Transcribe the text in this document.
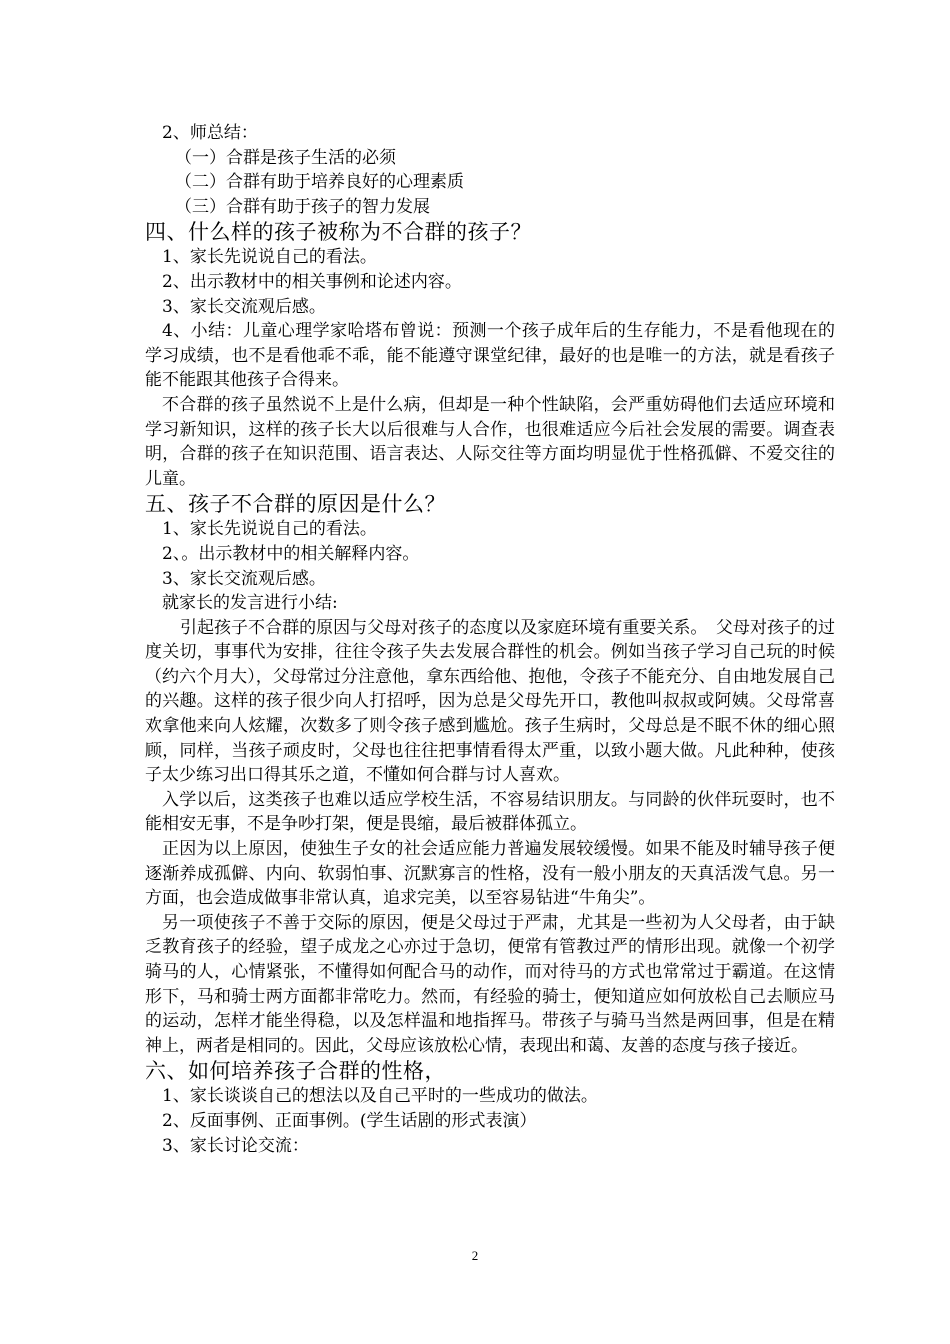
2、师总结：
（一）合群是孩子生活的必须
（二）合群有助于培养良好的心理素质
（三）合群有助于孩子的智力发展
四、什么样的孩子被称为不合群的孩子？
1、家长先说说自己的看法。
2、出示教材中的相关事例和论述内容。
3、家长交流观后感。
4、小结：儿童心理学家哈塔布曾说：预测一个孩子成年后的生存能力，不是看他现在的学习成绩，也不是看他乖不乖，能不能遵守课堂纪律，最好的也是唯一的方法，就是看孩子能不能跟其他孩子合得来。
不合群的孩子虽然说不上是什么病，但却是一种个性缺陷，会严重妨碍他们去适应环境和学习新知识，这样的孩子长大以后很难与人合作，也很难适应今后社会发展的需要。调查表明，合群的孩子在知识范围、语言表达、人际交往等方面均明显优于性格孤僻、不爱交往的儿童。
五、孩子不合群的原因是什么？
1、家长先说说自己的看法。
2、。出示教材中的相关解释内容。
3、家长交流观后感。
就家长的发言进行小结:
引起孩子不合群的原因与父母对孩子的态度以及家庭环境有重要关系。　父母对孩子的过度关切，事事代为安排，往往令孩子失去发展合群性的机会。例如当孩子学习自己玩的时候（约六个月大），父母常过分注意他，拿东西给他、抱他，令孩子不能充分、自由地发展自己的兴趣。这样的孩子很少向人打招呼，因为总是父母先开口，教他叫叔叔或阿姨。父母常喜欢拿他来向人炫耀，次数多了则令孩子感到尴尬。孩子生病时，父母总是不眠不休的细心照顾，同样，当孩子顽皮时，父母也往往把事情看得太严重，以致小题大做。凡此种种，使孩子太少练习出口得其乐之道，不懂如何合群与讨人喜欢。
入学以后，这类孩子也难以适应学校生活，不容易结识朋友。与同龄的伙伴玩耍时，也不能相安无事，不是争吵打架，便是畏缩，最后被群体孤立。
正因为以上原因，使独生子女的社会适应能力普遍发展较缓慢。如果不能及时辅导孩子便逐渐养成孤僻、内向、软弱怕事、沉默寡言的性格，没有一般小朋友的天真活泼气息。另一方面，也会造成做事非常认真，追求完美，以至容易钻进“牛角尖”。
另一项使孩子不善于交际的原因，便是父母过于严肃，尤其是一些初为人父母者，由于缺乏教育孩子的经验，望子成龙之心亦过于急切，便常有管教过严的情形出现。就像一个初学骑马的人，心情紧张，不懂得如何配合马的动作，而对待马的方式也常常过于霸道。在这情形下，马和骑士两方面都非常吃力。然而，有经验的骑士，便知道应如何放松自己去顺应马的运动，怎样才能坐得稳，以及怎样温和地指挥马。带孩子与骑马当然是两回事，但是在精神上，两者是相同的。因此，父母应该放松心情，表现出和蔼、友善的态度与孩子接近。
六、如何培养孩子合群的性格，
1、家长谈谈自己的想法以及自己平时的一些成功的做法。
2、反面事例、正面事例。(学生话剧的形式表演）
3、家长讨论交流：
2
